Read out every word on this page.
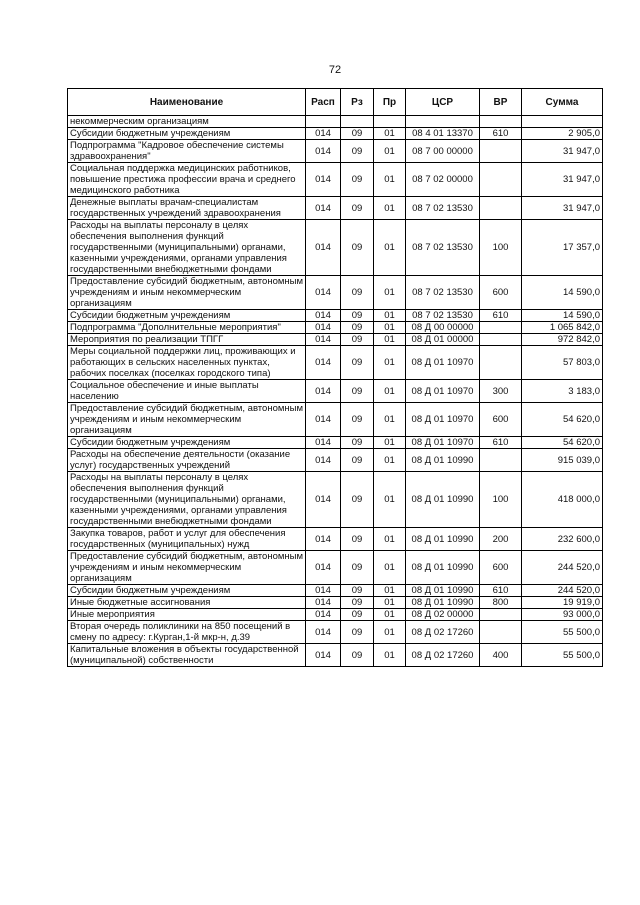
72
Наименование	Расп	Рз	Пр	ЦСР	ВР	Сумма
некоммерческим организациям						
Субсидии бюджетным учреждениям	014	09	01	08 4 01 13370	610	2 905,0
Подпрограмма "Кадровое обеспечение системы здравоохранения"	014	09	01	08 7 00 00000		31 947,0
Социальная поддержка медицинских работников, повышение престижа профессии врача и среднего медицинского работника	014	09	01	08 7 02 00000		31 947,0
Денежные выплаты врачам-специалистам государственных учреждений здравоохранения	014	09	01	08 7 02 13530		31 947,0
Расходы на выплаты персоналу в целях обеспечения выполнения функций государственными (муниципальными) органами, казенными учреждениями, органами управления государственными внебюджетными фондами	014	09	01	08 7 02 13530	100	17 357,0
Предоставление субсидий бюджетным, автономным учреждениям и иным некоммерческим организациям	014	09	01	08 7 02 13530	600	14 590,0
Субсидии бюджетным учреждениям	014	09	01	08 7 02 13530	610	14 590,0
Подпрограмма "Дополнительные мероприятия"	014	09	01	08 Д 00 00000		1 065 842,0
Мероприятия по реализации ТПГГ	014	09	01	08 Д 01 00000		972 842,0
Меры социальной поддержки лиц, проживающих и работающих в сельских населенных пунктах, рабочих поселках (поселках городского типа)	014	09	01	08 Д 01 10970		57 803,0
Социальное обеспечение и иные выплаты населению	014	09	01	08 Д 01 10970	300	3 183,0
Предоставление субсидий бюджетным, автономным учреждениям и иным некоммерческим организациям	014	09	01	08 Д 01 10970	600	54 620,0
Субсидии бюджетным учреждениям	014	09	01	08 Д 01 10970	610	54 620,0
Расходы на обеспечение деятельности (оказание услуг) государственных учреждений	014	09	01	08 Д 01 10990		915 039,0
Расходы на выплаты персоналу в целях обеспечения выполнения функций государственными (муниципальными) органами, казенными учреждениями, органами управления государственными внебюджетными фондами	014	09	01	08 Д 01 10990	100	418 000,0
Закупка товаров, работ и услуг для обеспечения государственных (муниципальных) нужд	014	09	01	08 Д 01 10990	200	232 600,0
Предоставление субсидий бюджетным, автономным учреждениям и иным некоммерческим организациям	014	09	01	08 Д 01 10990	600	244 520,0
Субсидии бюджетным учреждениям	014	09	01	08 Д 01 10990	610	244 520,0
Иные бюджетные ассигнования	014	09	01	08 Д 01 10990	800	19 919,0
Иные мероприятия	014	09	01	08 Д 02 00000		93 000,0
Вторая очередь поликлиники на 850 посещений в смену по адресу: г.Курган,1-й мкр-н, д.39	014	09	01	08 Д 02 17260		55 500,0
Капитальные вложения в объекты государственной (муниципальной) собственности	014	09	01	08 Д 02 17260	400	55 500,0
